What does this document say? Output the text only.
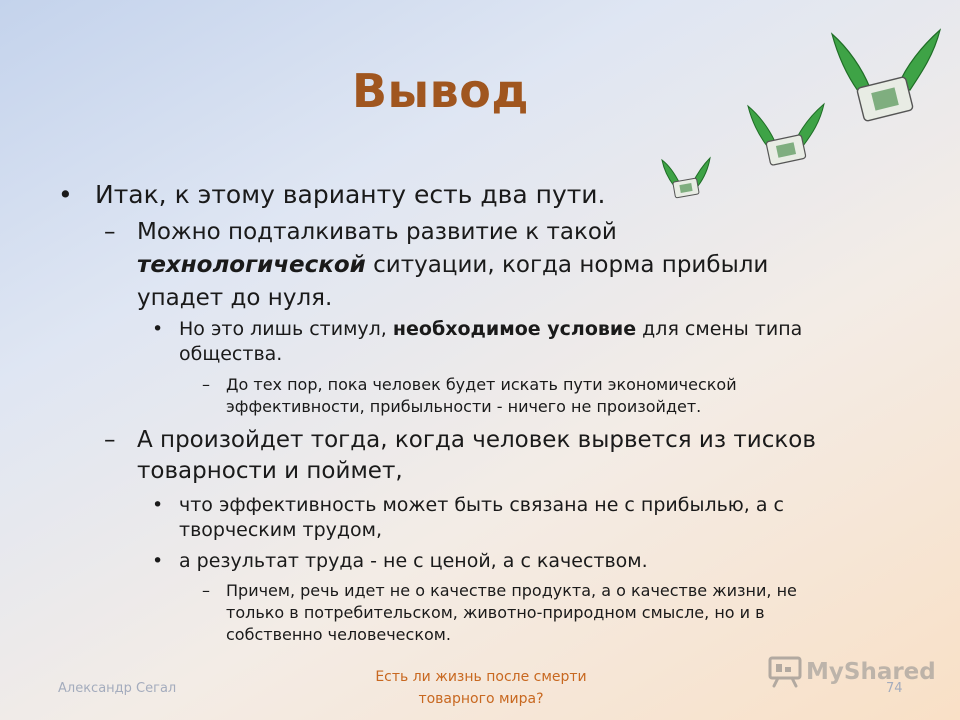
Вывод
• Итак, к этому варианту есть два пути.
– Можно подталкивать развитие к такой
технологической ситуации, когда норма прибыли
упадет до нуля.
• Но это лишь стимул, необходимое условие для смены типа
общества.
– До тех пор, пока человек будет искать пути экономической
эффективности, прибыльности - ничего не произойдет.
– А произойдет тогда, когда человек вырвется из тисков
товарности и поймет,
• что эффективность может быть связана не с прибылью, а с
творческим трудом,
• а результат труда - не с ценой, а с качеством.
– Причем, речь идет не о качестве продукта, а о качестве жизни, не
только в потребительском, животно-природном смысле, но и в
собственно человеческом.
Александр Сегал
Есть ли жизнь после смерти
товарного мира?
74
MyShared
